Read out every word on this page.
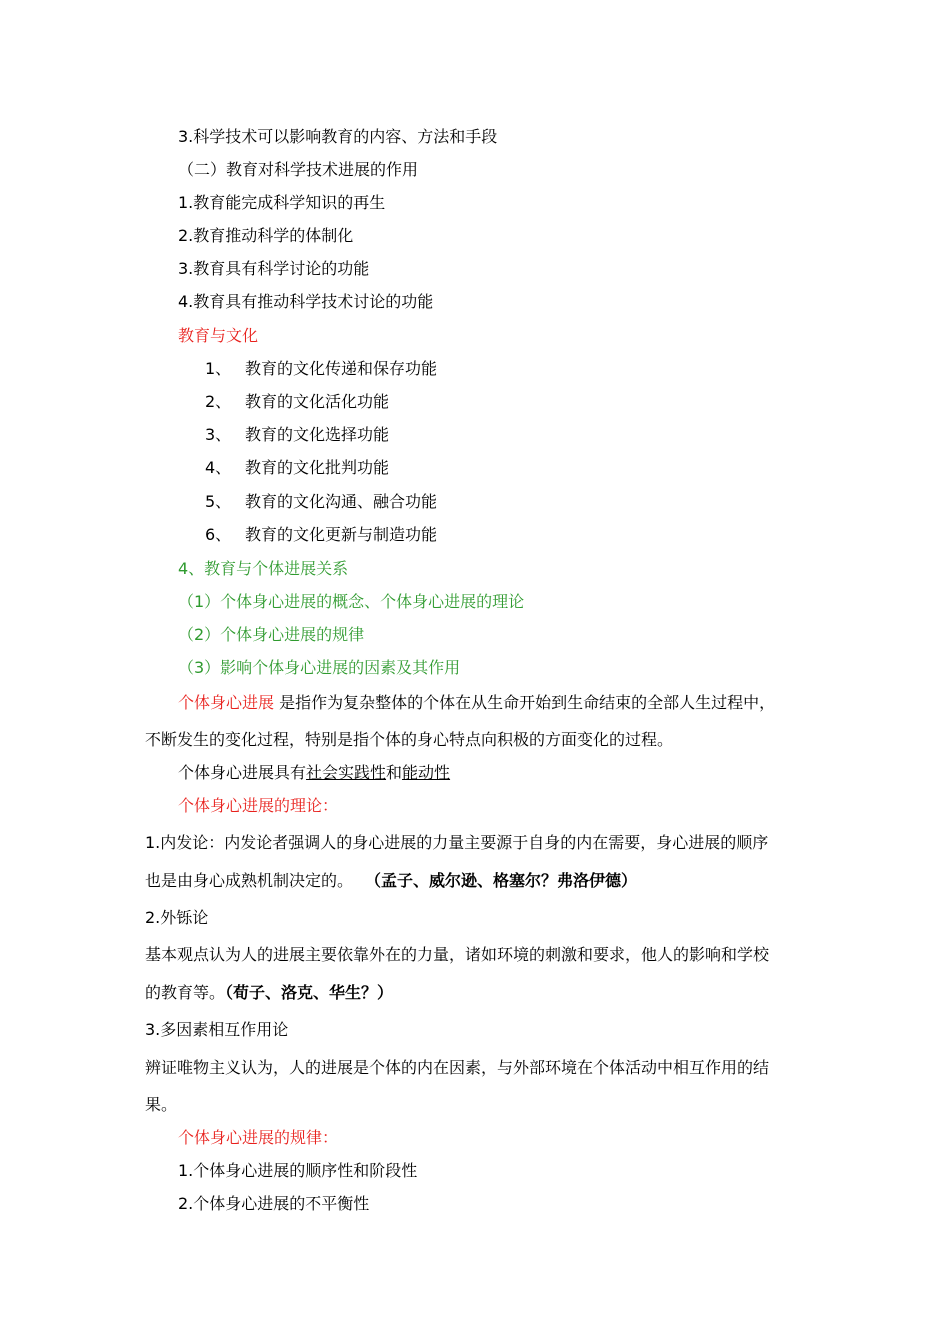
3.科学技术可以影响教育的内容、方法和手段
（二）教育对科学技术进展的作用
1.教育能完成科学知识的再生
2.教育推动科学的体制化
3.教育具有科学讨论的功能
4.教育具有推动科学技术讨论的功能
教育与文化
1、 教育的文化传递和保存功能
2、 教育的文化活化功能
3、 教育的文化选择功能
4、 教育的文化批判功能
5、 教育的文化沟通、融合功能
6、 教育的文化更新与制造功能
4、教育与个体进展关系
（1）个体身心进展的概念、个体身心进展的理论
（2）个体身心进展的规律
（3）影响个体身心进展的因素及其作用
个体身心进展 是指作为复杂整体的个体在从生命开始到生命结束的全部人生过程中，
不断发生的变化过程，特别是指个体的身心特点向积极的方面变化的过程。
个体身心进展具有社会实践性和能动性
个体身心进展的理论：
1.内发论：内发论者强调人的身心进展的力量主要源于自身的内在需要，身心进展的顺序
也是由身心成熟机制决定的。 （孟子、威尔逊、格塞尔？弗洛伊德）
2.外铄论
基本观点认为人的进展主要依靠外在的力量，诸如环境的刺激和要求，他人的影响和学校
的教育等。（荀子、洛克、华生？）
3.多因素相互作用论
辨证唯物主义认为，人的进展是个体的内在因素，与外部环境在个体活动中相互作用的结
果。
个体身心进展的规律：
1.个体身心进展的顺序性和阶段性
2.个体身心进展的不平衡性
